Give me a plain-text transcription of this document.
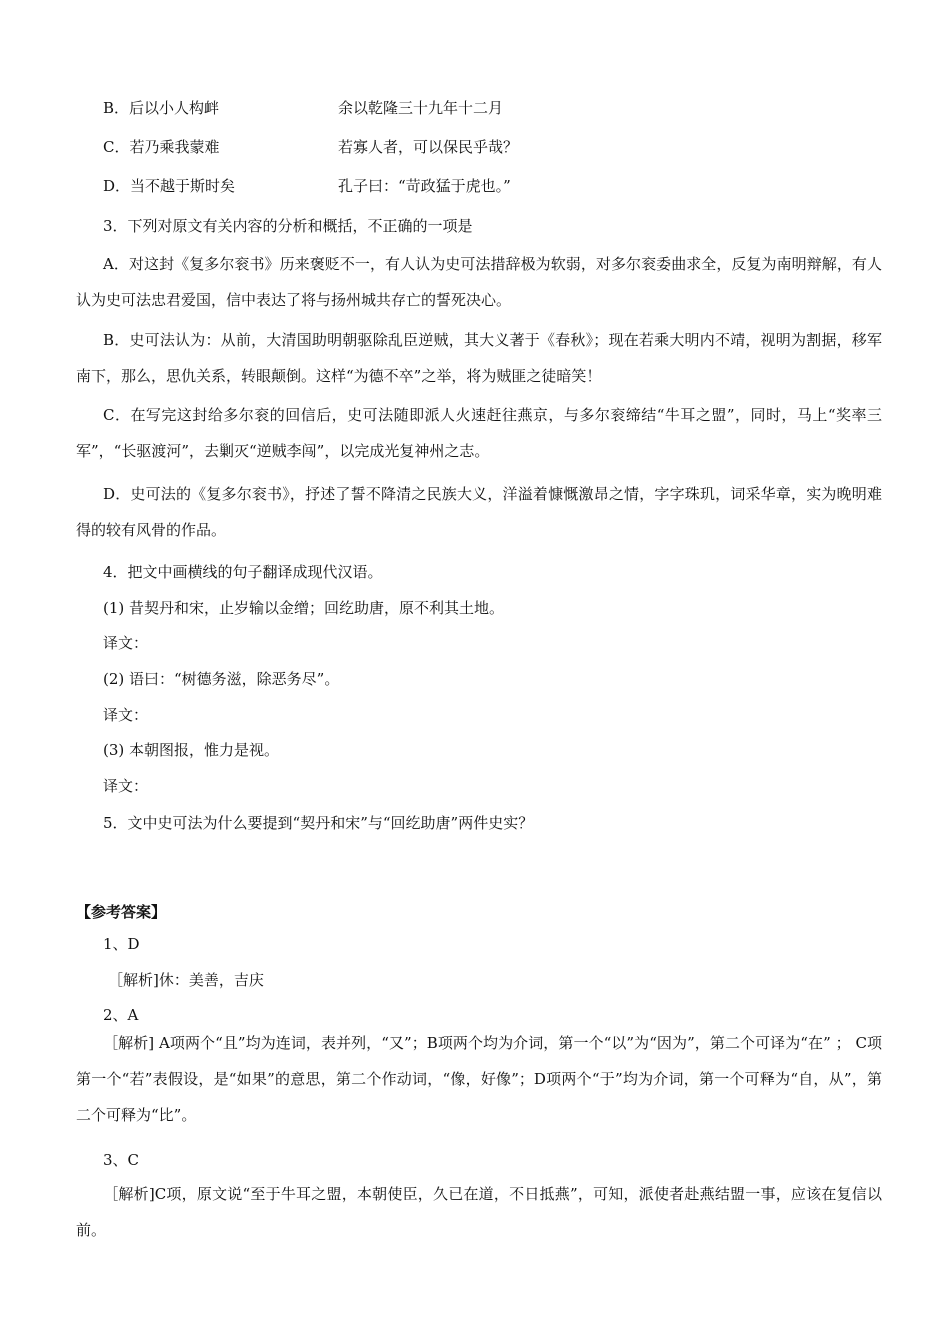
B．后以小人构衅	余以乾隆三十九年十二月
C．若乃乘我蒙难	若寡人者，可以保民乎哉？
D．当不越于斯时矣	孔子曰：“苛政猛于虎也。”
3．下列对原文有关内容的分析和概括，不正确的一项是
A．对这封《复多尔衮书》历来褒贬不一，有人认为史可法措辞极为软弱，对多尔衮委曲求全，反复为南明辩解，有人认为史可法忠君爱国，信中表达了将与扬州城共存亡的誓死决心。
B．史可法认为：从前，大清国助明朝驱除乱臣逆贼，其大义著于《春秋》；现在若乘大明内不靖，视明为割据，移军南下，那么，思仇关系，转眼颠倒。这样“为德不卒”之举，将为贼匪之徒暗笑！
C．在写完这封给多尔衮的回信后，史可法随即派人火速赶往燕京，与多尔衮缔结“牛耳之盟”，同时，马上“奖率三军”，“长驱渡河”，去剿灭“逆贼李闯”，以完成光复神州之志。
D．史可法的《复多尔衮书》，抒述了誓不降清之民族大义，洋溢着慷慨激昂之情，字字珠玑，词采华章，实为晚明难得的较有风骨的作品。
4．把文中画横线的句子翻译成现代汉语。
(1) 昔契丹和宋，止岁输以金缯；回纥助唐，原不利其土地。
译文：
(2) 语曰：“树德务滋，除恶务尽”。
译文：
(3) 本朝图报，惟力是视。
译文：
5．文中史可法为什么要提到“契丹和宋”与“回纥助唐”两件史实？
【参考答案】
1、D
［解析]休：美善，吉庆
2、A
［解析] A项两个“且”均为连词，表并列，“又”；B项两个均为介词，第一个“以”为“因为”，第二个可译为“在” ； C项第一个“若”表假设，是“如果”的意思，第二个作动词，“像，好像”；D项两个“于”均为介词，第一个可释为“自，从”，第二个可释为“比”。
3、C
［解析]C项，原文说“至于牛耳之盟，本朝使臣，久已在道，不日抵燕”，可知，派使者赴燕结盟一事，应该在复信以前。
